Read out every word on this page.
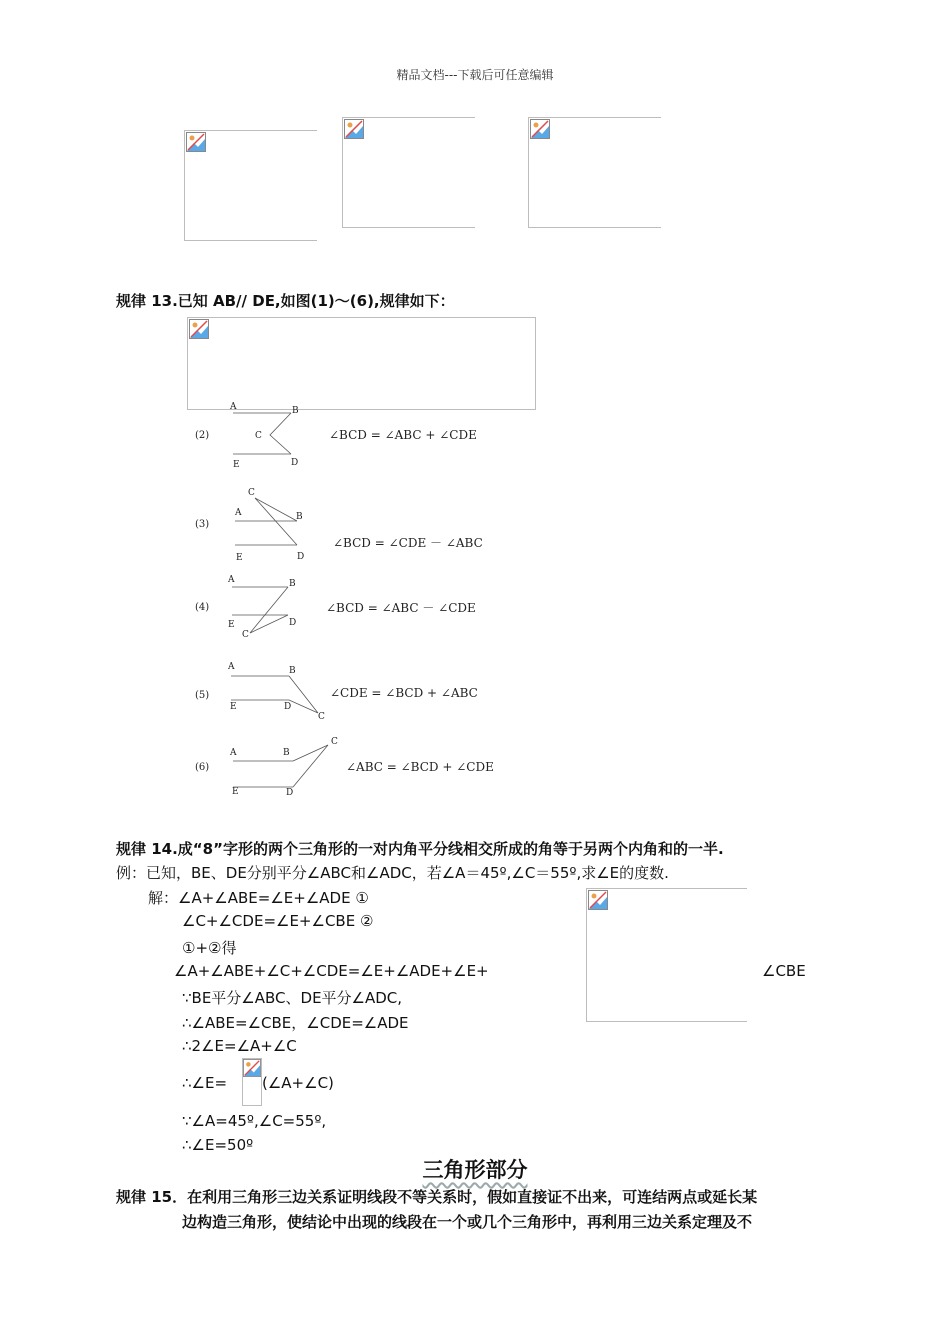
精品文档---下载后可任意编辑
规律 13.已知 AB// DE,如图(1)～(6),规律如下：
A	B
C
E	D
(2)	∠BCD = ∠ABC + ∠CDE
C
A	B
E	D
(3)
∠BCD = ∠CDE － ∠ABC
A	B
E	D
C
(4)	∠BCD = ∠ABC － ∠CDE
A	B
E	D
C
(5)	∠CDE = ∠BCD + ∠ABC
C
A	B
E	D
(6)	∠ABC = ∠BCD + ∠CDE
规律 14.成“8”字形的两个三角形的一对内角平分线相交所成的角等于另两个内角和的一半.
例：已知，BE、DE分别平分∠ABC和∠ADC，若∠A＝45º,∠C＝55º,求∠E的度数.
解：∠A+∠ABE=∠E+∠ADE ①
∠C+∠CDE=∠E+∠CBE ②
①+②得
∠A+∠ABE+∠C+∠CDE=∠E+∠ADE+∠E+	∠CBE
∵BE平分∠ABC、DE平分∠ADC,
∴∠ABE=∠CBE，∠CDE=∠ADE
∴2∠E=∠A+∠C
∴∠E= (∠A+∠C)
∵∠A=45º,∠C=55º,
∴∠E=50º
三角形部分
规律 15．在利用三角形三边关系证明线段不等关系时，假如直接证不出来，可连结两点或延长某
边构造三角形，使结论中出现的线段在一个或几个三角形中，再利用三边关系定理及不
